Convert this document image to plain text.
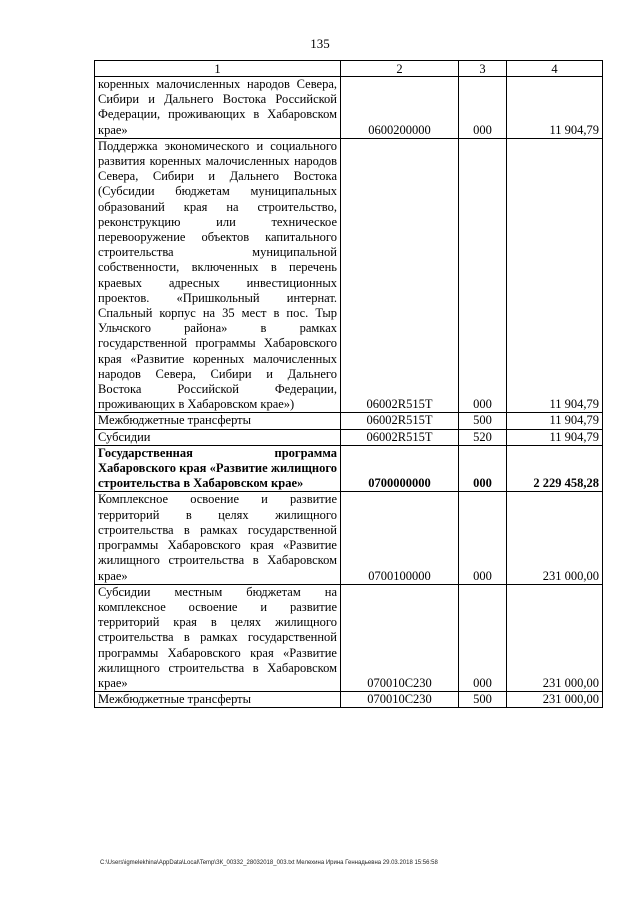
135
1	2	3	4
коренных малочисленных народов Севера, Сибири и Дальнего Востока Российской Федерации, проживающих в Хабаровском крае»	0600200000	000	11 904,79
Поддержка экономического и социального развития коренных малочисленных народов Севера, Сибири и Дальнего Востока (Субсидии бюджетам муниципальных образований края на строительство, реконструкцию или техническое перевооружение объектов капитального строительства муниципальной собственности, включенных в перечень краевых адресных инвестиционных проектов. «Пришкольный интернат. Спальный корпус на 35 мест в пос. Тыр Ульчского района» в рамках государственной программы Хабаровского края «Развитие коренных малочисленных народов Севера, Сибири и Дальнего Востока Российской Федерации, проживающих в Хабаровском крае»)	06002R515Т	000	11 904,79
Межбюджетные трансферты	06002R515Т	500	11 904,79
Субсидии	06002R515Т	520	11 904,79
Государственная программа Хабаровского края «Развитие жилищного строительства в Хабаровском крае»	0700000000	000	2 229 458,28
Комплексное освоение и развитие территорий в целях жилищного строительства в рамках государственной программы Хабаровского края «Развитие жилищного строительства в Хабаровском крае»	0700100000	000	231 000,00
Субсидии местным бюджетам на комплексное освоение и развитие территорий края в целях жилищного строительства в рамках государственной программы Хабаровского края «Развитие жилищного строительства в Хабаровском крае»	070010С230	000	231 000,00
Межбюджетные трансферты	070010С230	500	231 000,00
C:\Users\igmelekhina\AppData\Local\Temp\ЗК_00332_28032018_003.txt Мелехина Ирина Геннадьевна 29.03.2018 15:56:58
